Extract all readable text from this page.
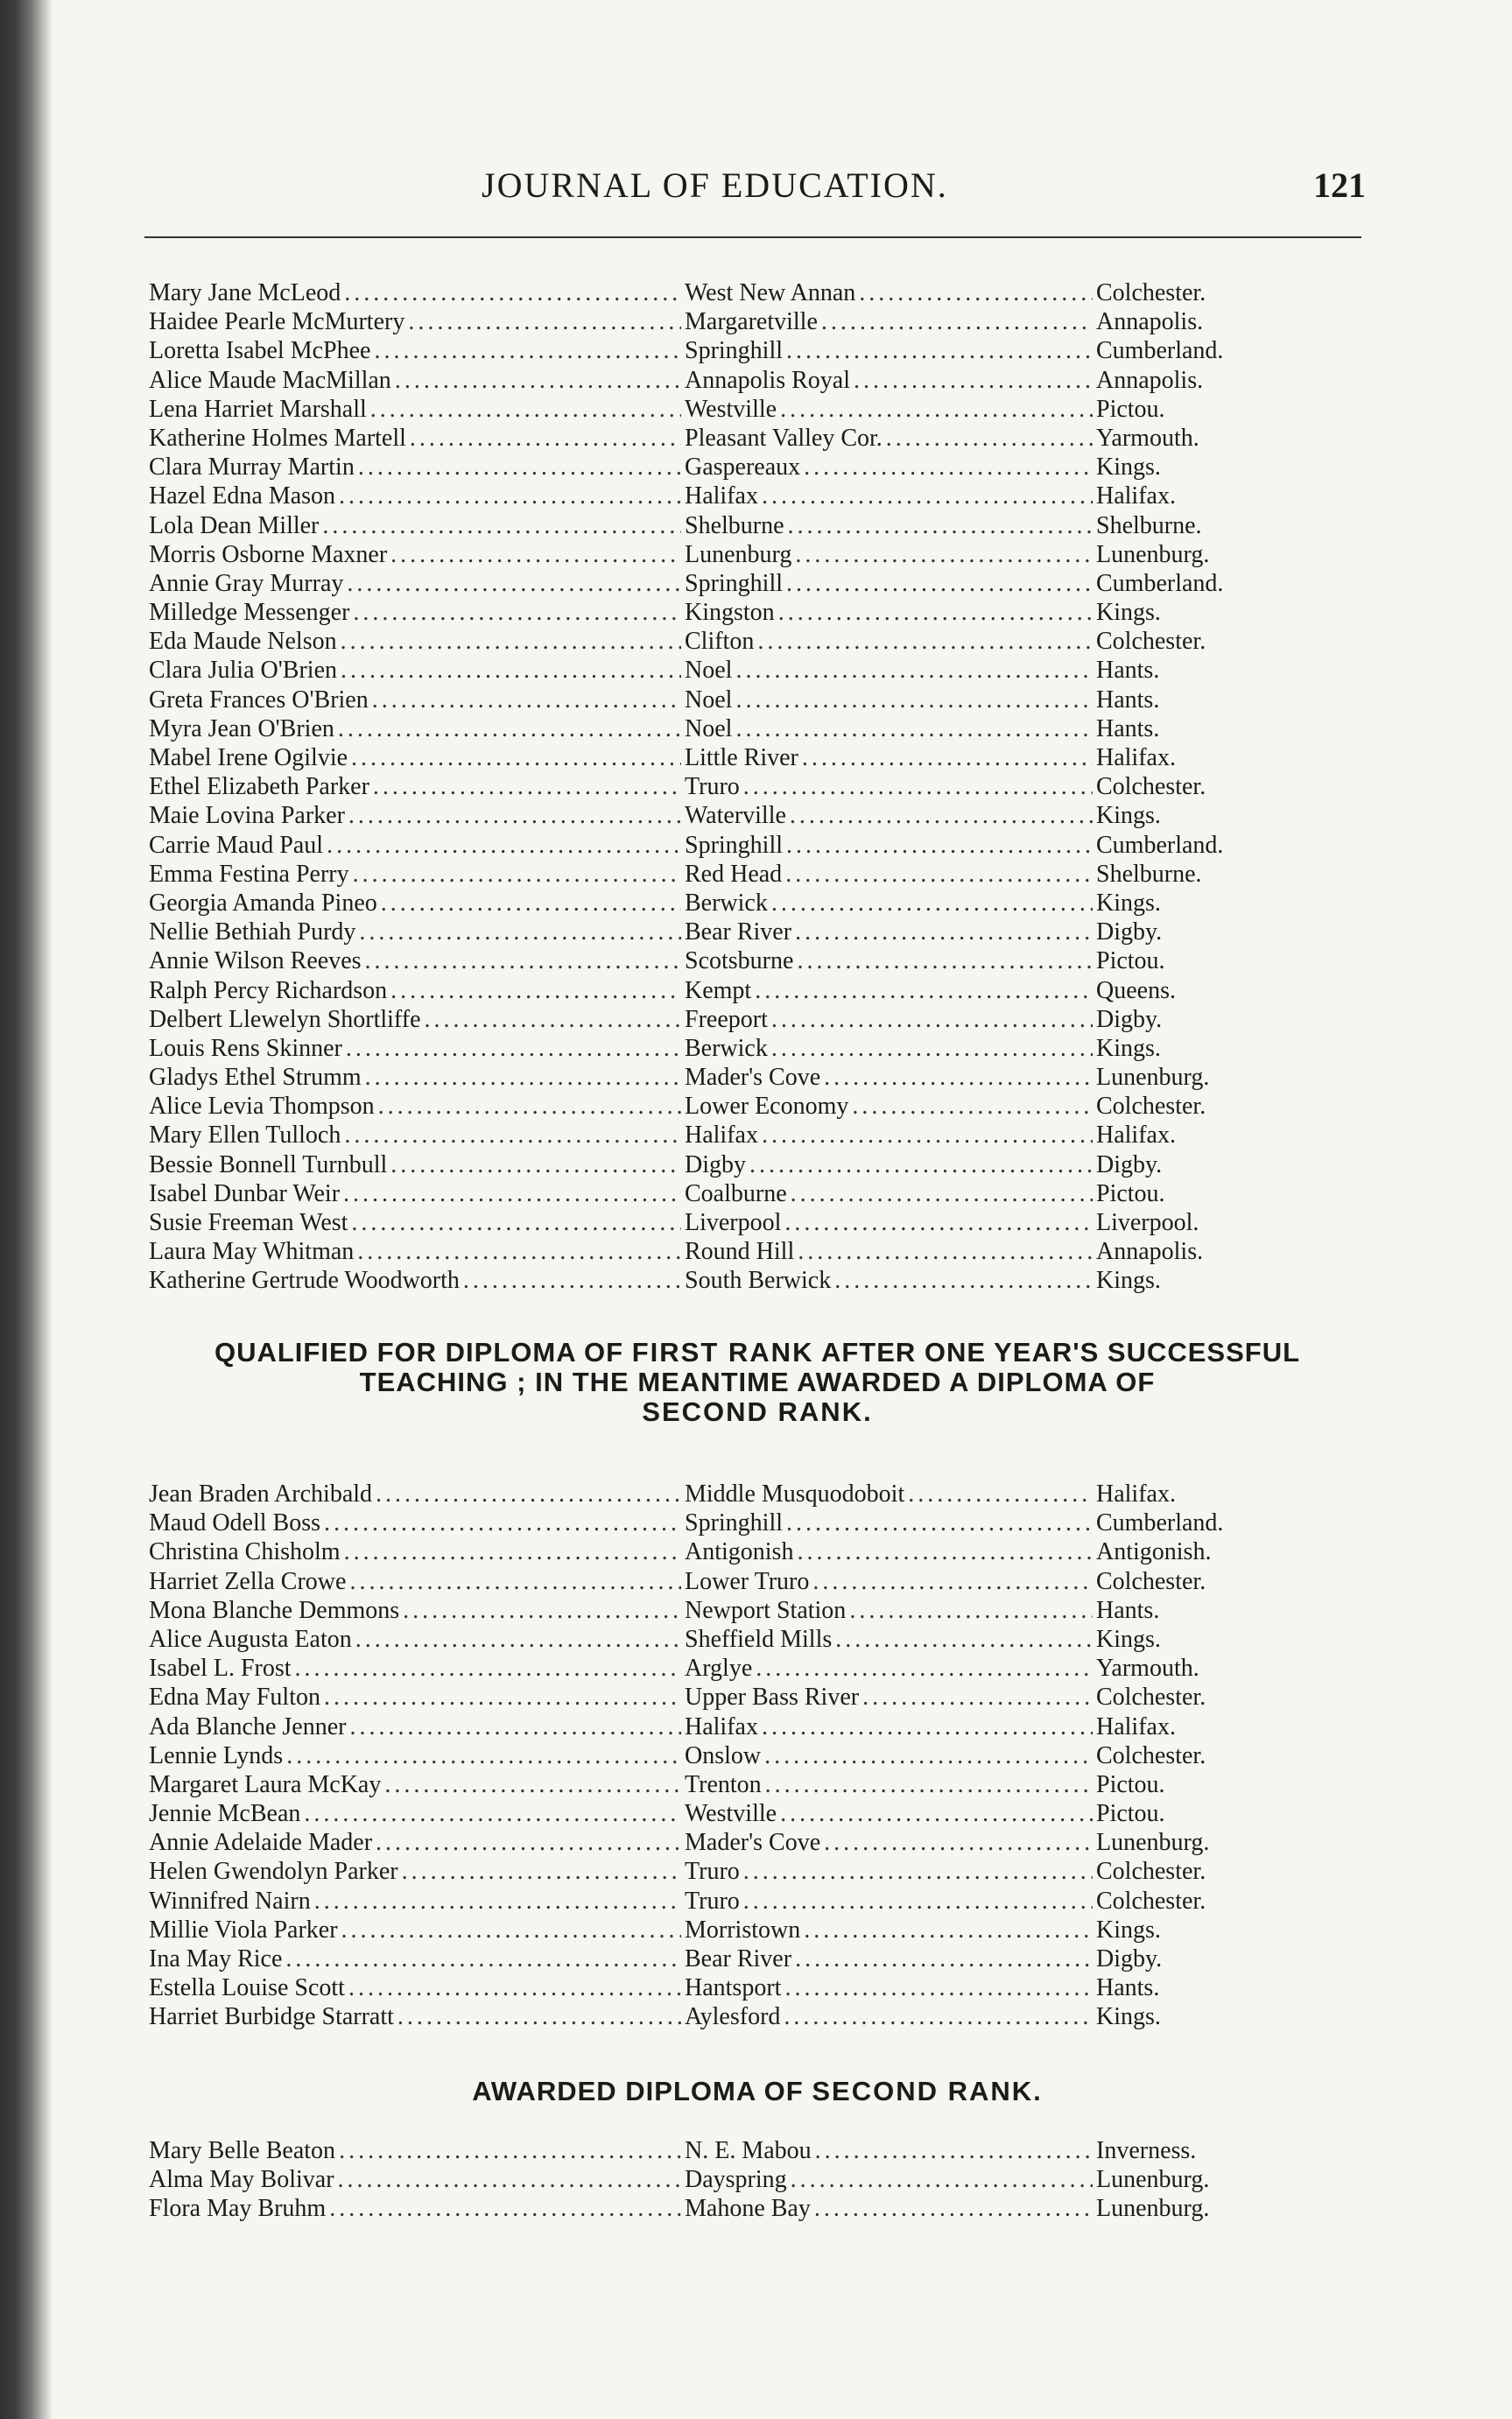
JOURNAL OF EDUCATION.	121
Mary Jane McLeod .....	West New Annan .....	Colchester.
Haidee Pearle McMurtery .....	Margaretville .....	Annapolis.
Loretta Isabel McPhee .....	Springhill .....	Cumberland.
Alice Maude MacMillan .....	Annapolis Royal .....	Annapolis.
Lena Harriet Marshall .....	Westville .....	Pictou.
Katherine Holmes Martell .....	Pleasant Valley Cor. .....	Yarmouth.
Clara Murray Martin .....	Gaspereaux .....	Kings.
Hazel Edna Mason .....	Halifax .....	Halifax.
Lola Dean Miller .....	Shelburne .....	Shelburne.
Morris Osborne Maxner .....	Lunenburg .....	Lunenburg.
Annie Gray Murray .....	Springhill .....	Cumberland.
Milledge Messenger .....	Kingston .....	Kings.
Eda Maude Nelson .....	Clifton .....	Colchester.
Clara Julia O'Brien .....	Noel .....	Hants.
Greta Frances O'Brien .....	Noel .....	Hants.
Myra Jean O'Brien .....	Noel .....	Hants.
Mabel Irene Ogilvie .....	Little River .....	Halifax.
Ethel Elizabeth Parker .....	Truro .....	Colchester.
Maie Lovina Parker .....	Waterville .....	Kings.
Carrie Maud Paul .....	Springhill .....	Cumberland.
Emma Festina Perry .....	Red Head .....	Shelburne.
Georgia Amanda Pineo .....	Berwick .....	Kings.
Nellie Bethiah Purdy .....	Bear River .....	Digby.
Annie Wilson Reeves .....	Scotsburne .....	Pictou.
Ralph Percy Richardson .....	Kempt .....	Queens.
Delbert Llewelyn Shortliffe .....	Freeport .....	Digby.
Louis Rens Skinner .....	Berwick .....	Kings.
Gladys Ethel Strumm .....	Mader's Cove .....	Lunenburg.
Alice Levia Thompson .....	Lower Economy .....	Colchester.
Mary Ellen Tulloch .....	Halifax .....	Halifax.
Bessie Bonnell Turnbull .....	Digby .....	Digby.
Isabel Dunbar Weir .....	Coalburne .....	Pictou.
Susie Freeman West .....	Liverpool .....	Liverpool.
Laura May Whitman .....	Round Hill .....	Annapolis.
Katherine Gertrude Woodworth .....	South Berwick .....	Kings.
QUALIFIED FOR DIPLOMA OF FIRST RANK AFTER ONE YEAR'S SUCCESSFUL
TEACHING ; IN THE MEANTIME AWARDED A DIPLOMA OF
SECOND RANK.
Jean Braden Archibald .....	Middle Musquodoboit .....	Halifax.
Maud Odell Boss .....	Springhill .....	Cumberland.
Christina Chisholm .....	Antigonish .....	Antigonish.
Harriet Zella Crowe .....	Lower Truro .....	Colchester.
Mona Blanche Demmons .....	Newport Station .....	Hants.
Alice Augusta Eaton .....	Sheffield Mills .....	Kings.
Isabel L. Frost .....	Arglye .....	Yarmouth.
Edna May Fulton .....	Upper Bass River .....	Colchester.
Ada Blanche Jenner .....	Halifax .....	Halifax.
Lennie Lynds .....	Onslow .....	Colchester.
Margaret Laura McKay .....	Trenton .....	Pictou.
Jennie McBean .....	Westville .....	Pictou.
Annie Adelaide Mader .....	Mader's Cove .....	Lunenburg.
Helen Gwendolyn Parker .....	Truro .....	Colchester.
Winnifred Nairn .....	Truro .....	Colchester.
Millie Viola Parker .....	Morristown .....	Kings.
Ina May Rice .....	Bear River .....	Digby.
Estella Louise Scott .....	Hantsport .....	Hants.
Harriet Burbidge Starratt .....	Aylesford .....	Kings.
AWARDED DIPLOMA OF SECOND RANK.
Mary Belle Beaton .....	N. E. Mabou .....	Inverness.
Alma May Bolivar .....	Dayspring .....	Lunenburg.
Flora May Bruhm .....	Mahone Bay .....	Lunenburg.
